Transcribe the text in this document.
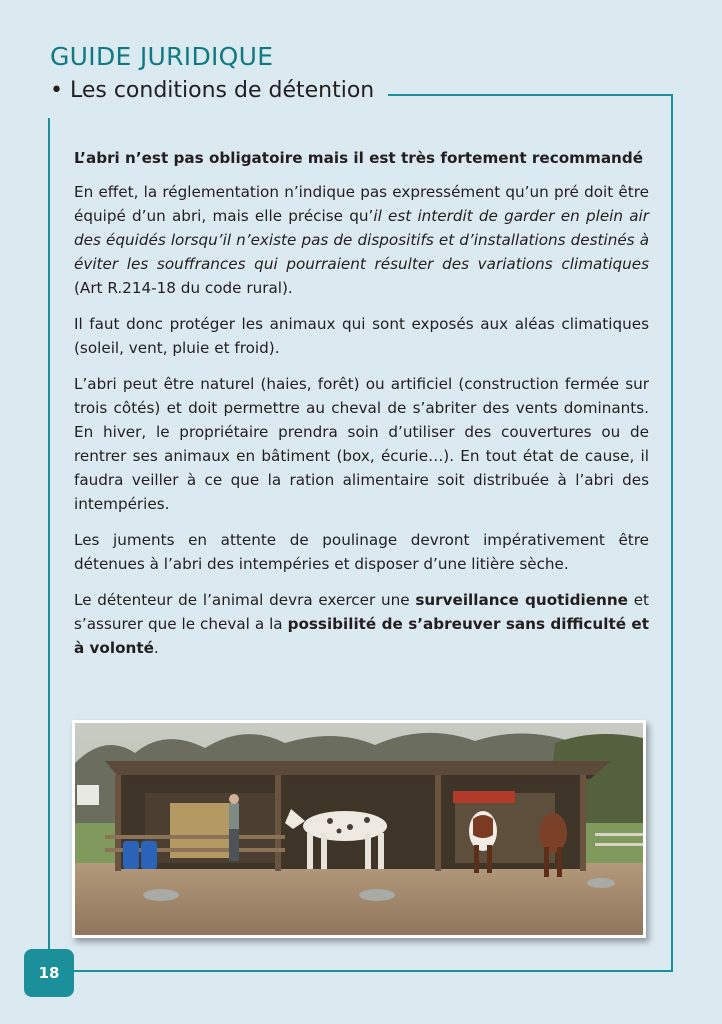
GUIDE JURIDIQUE
• Les conditions de détention

L’abri n’est pas obligatoire mais il est très fortement recommandé

En effet, la réglementation n’indique pas expressément qu’un pré doit être équipé d’un abri, mais elle précise qu’il est interdit de garder en plein air des équidés lorsqu’il n’existe pas de dispositifs et d’installations destinés à éviter les souffrances qui pourraient résulter des variations climatiques (Art R.214-18 du code rural).

Il faut donc protéger les animaux qui sont exposés aux aléas climatiques (soleil, vent, pluie et froid).

L’abri peut être naturel (haies, forêt) ou artificiel (construction fermée sur trois côtés) et doit permettre au cheval de s’abriter des vents dominants. En hiver, le propriétaire prendra soin d’utiliser des couvertures ou de rentrer ses animaux en bâtiment (box, écurie…). En tout état de cause, il faudra veiller à ce que la ration alimentaire soit distribuée à l’abri des intempéries.

Les juments en attente de poulinage devront impérativement être détenues à l’abri des intempéries et disposer d’une litière sèche.

Le détenteur de l’animal devra exercer une surveillance quotidienne et s’assurer que le cheval a la possibilité de s’abreuver sans difficulté et à volonté.

18
